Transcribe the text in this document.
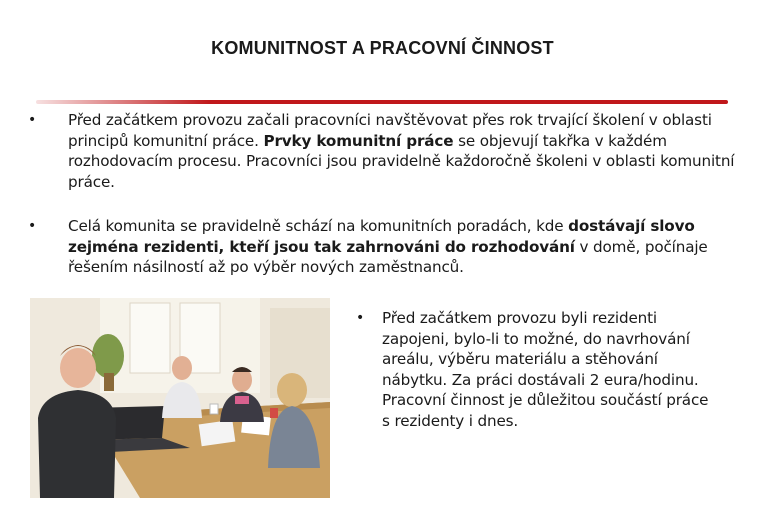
KOMUNITNOST A PRACOVNÍ ČINNOST
• Před začátkem provozu začali pracovníci navštěvovat přes rok trvající školení v oblasti principů komunitní práce. Prvky komunitní práce se objevují takřka v každém rozhodovacím procesu. Pracovníci jsou pravidelně každoročně školeni v oblasti komunitní práce.
• Celá komunita se pravidelně schází na komunitních poradách, kde dostávají slovo zejména rezidenti, kteří jsou tak zahrnováni do rozhodování v domě, počínaje řešením násilností až po výběr nových zaměstnanců.
• Před začátkem provozu byli rezidenti zapojeni, bylo-li to možné, do navrhování areálu, výběru materiálu a stěhování nábytku. Za práci dostávali 2 eura/hodinu. Pracovní činnost je důležitou součástí práce s rezidenty i dnes.
